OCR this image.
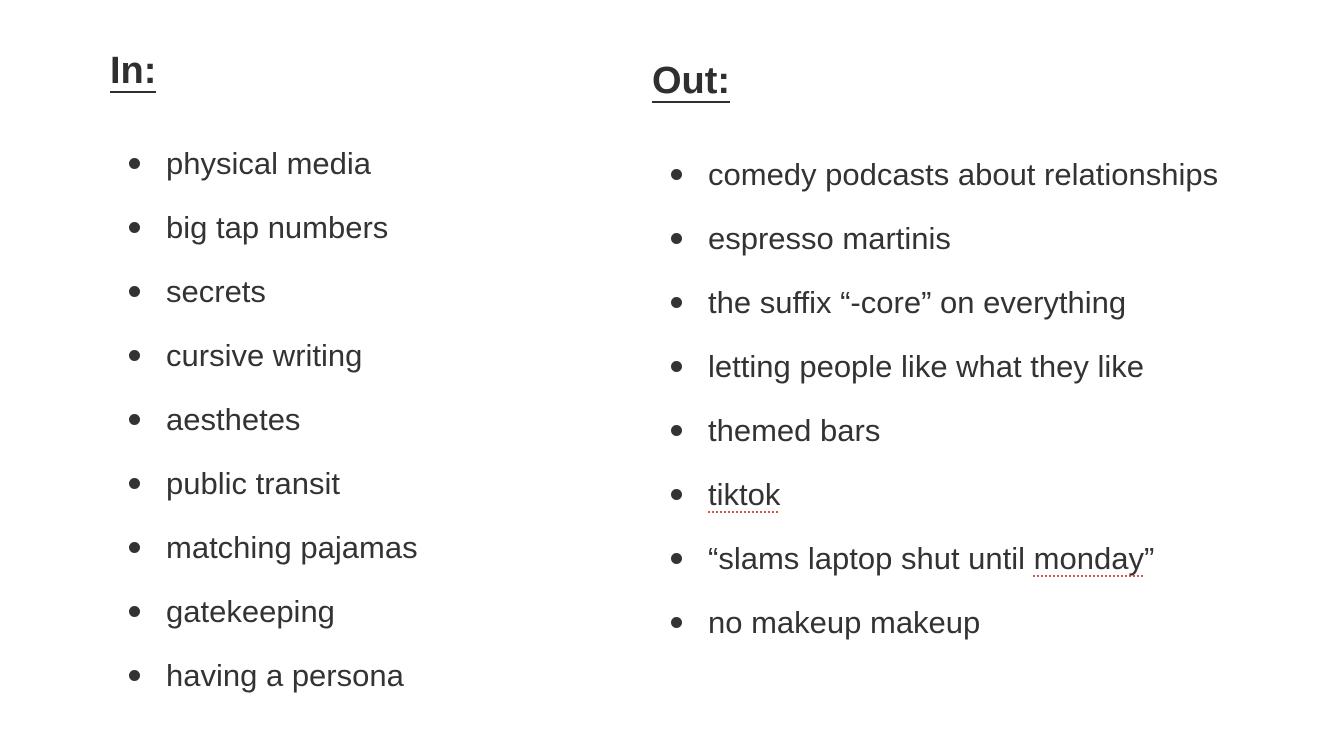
In:
physical media
big tap numbers
secrets
cursive writing
aesthetes
public transit
matching pajamas
gatekeeping
having a persona
Out:
comedy podcasts about relationships
espresso martinis
the suffix “-core” on everything
letting people like what they like
themed bars
tiktok
“slams laptop shut until monday”
no makeup makeup
